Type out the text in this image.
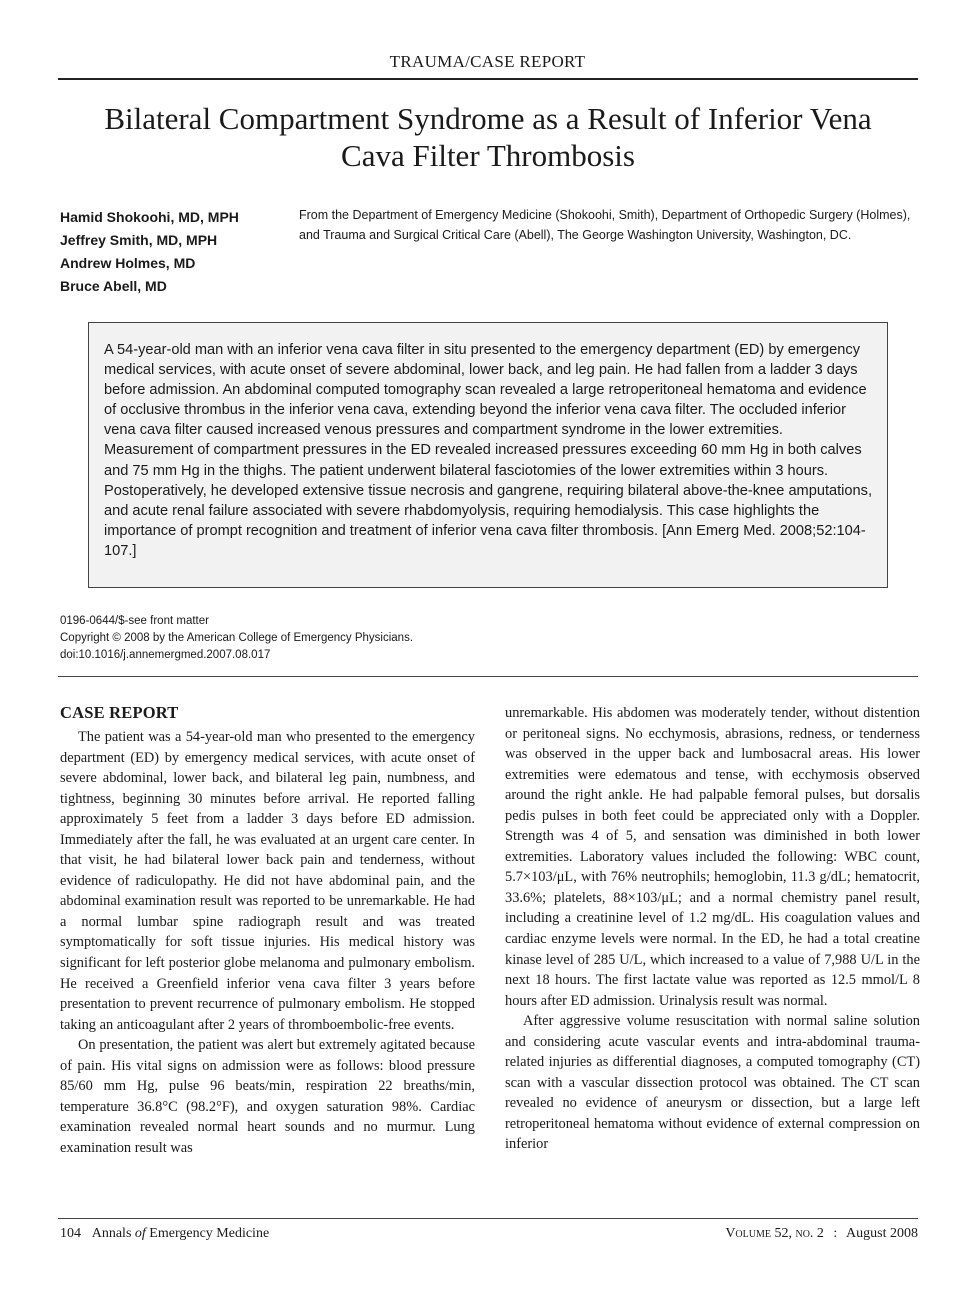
TRAUMA/CASE REPORT
Bilateral Compartment Syndrome as a Result of Inferior Vena Cava Filter Thrombosis
Hamid Shokoohi, MD, MPH
Jeffrey Smith, MD, MPH
Andrew Holmes, MD
Bruce Abell, MD
From the Department of Emergency Medicine (Shokoohi, Smith), Department of Orthopedic Surgery (Holmes), and Trauma and Surgical Critical Care (Abell), The George Washington University, Washington, DC.
A 54-year-old man with an inferior vena cava filter in situ presented to the emergency department (ED) by emergency medical services, with acute onset of severe abdominal, lower back, and leg pain. He had fallen from a ladder 3 days before admission. An abdominal computed tomography scan revealed a large retroperitoneal hematoma and evidence of occlusive thrombus in the inferior vena cava, extending beyond the inferior vena cava filter. The occluded inferior vena cava filter caused increased venous pressures and compartment syndrome in the lower extremities. Measurement of compartment pressures in the ED revealed increased pressures exceeding 60 mm Hg in both calves and 75 mm Hg in the thighs. The patient underwent bilateral fasciotomies of the lower extremities within 3 hours. Postoperatively, he developed extensive tissue necrosis and gangrene, requiring bilateral above-the-knee amputations, and acute renal failure associated with severe rhabdomyolysis, requiring hemodialysis. This case highlights the importance of prompt recognition and treatment of inferior vena cava filter thrombosis. [Ann Emerg Med. 2008;52:104-107.]
0196-0644/$-see front matter
Copyright © 2008 by the American College of Emergency Physicians.
doi:10.1016/j.annemergmed.2007.08.017
CASE REPORT

The patient was a 54-year-old man who presented to the emergency department (ED) by emergency medical services, with acute onset of severe abdominal, lower back, and bilateral leg pain, numbness, and tightness, beginning 30 minutes before arrival. He reported falling approximately 5 feet from a ladder 3 days before ED admission. Immediately after the fall, he was evaluated at an urgent care center. In that visit, he had bilateral lower back pain and tenderness, without evidence of radiculopathy. He did not have abdominal pain, and the abdominal examination result was reported to be unremarkable. He had a normal lumbar spine radiograph result and was treated symptomatically for soft tissue injuries. His medical history was significant for left posterior globe melanoma and pulmonary embolism. He received a Greenfield inferior vena cava filter 3 years before presentation to prevent recurrence of pulmonary embolism. He stopped taking an anticoagulant after 2 years of thromboembolic-free events.

On presentation, the patient was alert but extremely agitated because of pain. His vital signs on admission were as follows: blood pressure 85/60 mm Hg, pulse 96 beats/min, respiration 22 breaths/min, temperature 36.8°C (98.2°F), and oxygen saturation 98%. Cardiac examination revealed normal heart sounds and no murmur. Lung examination result was

unremarkable. His abdomen was moderately tender, without distention or peritoneal signs. No ecchymosis, abrasions, redness, or tenderness was observed in the upper back and lumbosacral areas. His lower extremities were edematous and tense, with ecchymosis observed around the right ankle. He had palpable femoral pulses, but dorsalis pedis pulses in both feet could be appreciated only with a Doppler. Strength was 4 of 5, and sensation was diminished in both lower extremities. Laboratory values included the following: WBC count, 5.7×103/μL, with 76% neutrophils; hemoglobin, 11.3 g/dL; hematocrit, 33.6%; platelets, 88×103/μL; and a normal chemistry panel result, including a creatinine level of 1.2 mg/dL. His coagulation values and cardiac enzyme levels were normal. In the ED, he had a total creatine kinase level of 285 U/L, which increased to a value of 7,988 U/L in the next 18 hours. The first lactate value was reported as 12.5 mmol/L 8 hours after ED admission. Urinalysis result was normal.

After aggressive volume resuscitation with normal saline solution and considering acute vascular events and intra-abdominal trauma-related injuries as differential diagnoses, a computed tomography (CT) scan with a vascular dissection protocol was obtained. The CT scan revealed no evidence of aneurysm or dissection, but a large left retroperitoneal hematoma without evidence of external compression on inferior

104 Annals of Emergency Medicine	Volume 52, no. 2 : August 2008
